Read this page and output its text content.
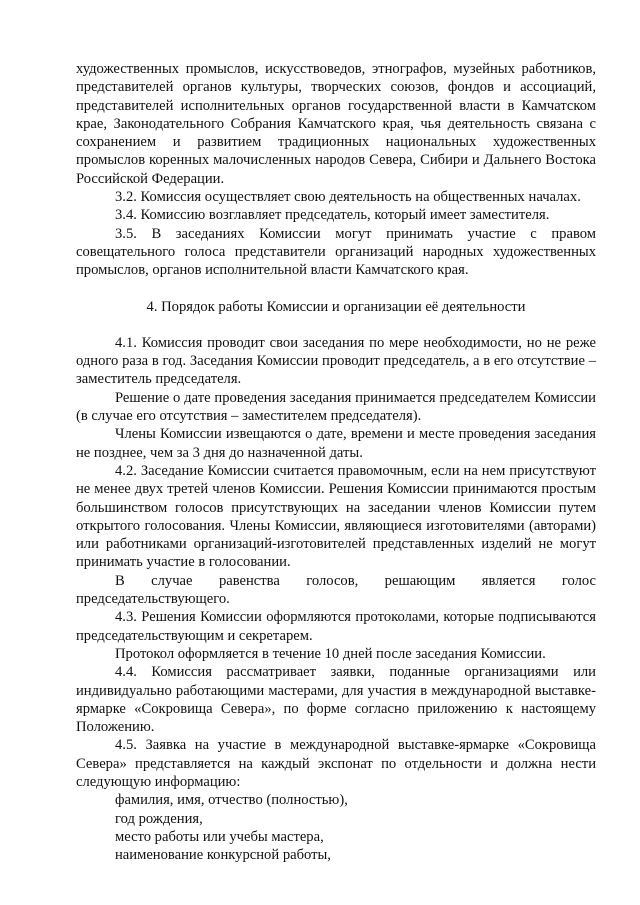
художественных промыслов, искусствоведов, этнографов, музейных работников, представителей органов культуры, творческих союзов, фондов и ассоциаций, представителей исполнительных органов государственной власти в Камчатском крае, Законодательного Собрания Камчатского края, чья деятельность связана с сохранением и развитием традиционных национальных художественных промыслов коренных малочисленных народов Севера, Сибири и Дальнего Востока Российской Федерации.

3.2. Комиссия осуществляет свою деятельность на общественных началах.

3.4. Комиссию возглавляет председатель, который имеет заместителя.

3.5. В заседаниях Комиссии могут принимать участие с правом совещательного голоса представители организаций народных художественных промыслов, органов исполнительной власти Камчатского края.

4. Порядок работы Комиссии и организации её деятельности

4.1. Комиссия проводит свои заседания по мере необходимости, но не реже одного раза в год. Заседания Комиссии проводит председатель, а в его отсутствие – заместитель председателя.

Решение о дате проведения заседания принимается председателем Комиссии (в случае его отсутствия – заместителем председателя).

Члены Комиссии извещаются о дате, времени и месте проведения заседания не позднее, чем за 3 дня до назначенной даты.

4.2. Заседание Комиссии считается правомочным, если на нем присутствуют не менее двух третей членов Комиссии. Решения Комиссии принимаются простым большинством голосов присутствующих на заседании членов Комиссии путем открытого голосования. Члены Комиссии, являющиеся изготовителями (авторами) или работниками организаций-изготовителей представленных изделий не могут принимать участие в голосовании.

В случае равенства голосов, решающим является голос председательствующего.

4.3. Решения Комиссии оформляются протоколами, которые подписываются председательствующим и секретарем.

Протокол оформляется в течение 10 дней после заседания Комиссии.

4.4. Комиссия рассматривает заявки, поданные организациями или индивидуально работающими мастерами, для участия в международной выставке-ярмарке «Сокровища Севера», по форме согласно приложению к настоящему Положению.

4.5. Заявка на участие в международной выставке-ярмарке «Сокровища Севера» представляется на каждый экспонат по отдельности и должна нести следующую информацию:

фамилия, имя, отчество (полностью),

год рождения,

место работы или учебы мастера,

наименование конкурсной работы,
